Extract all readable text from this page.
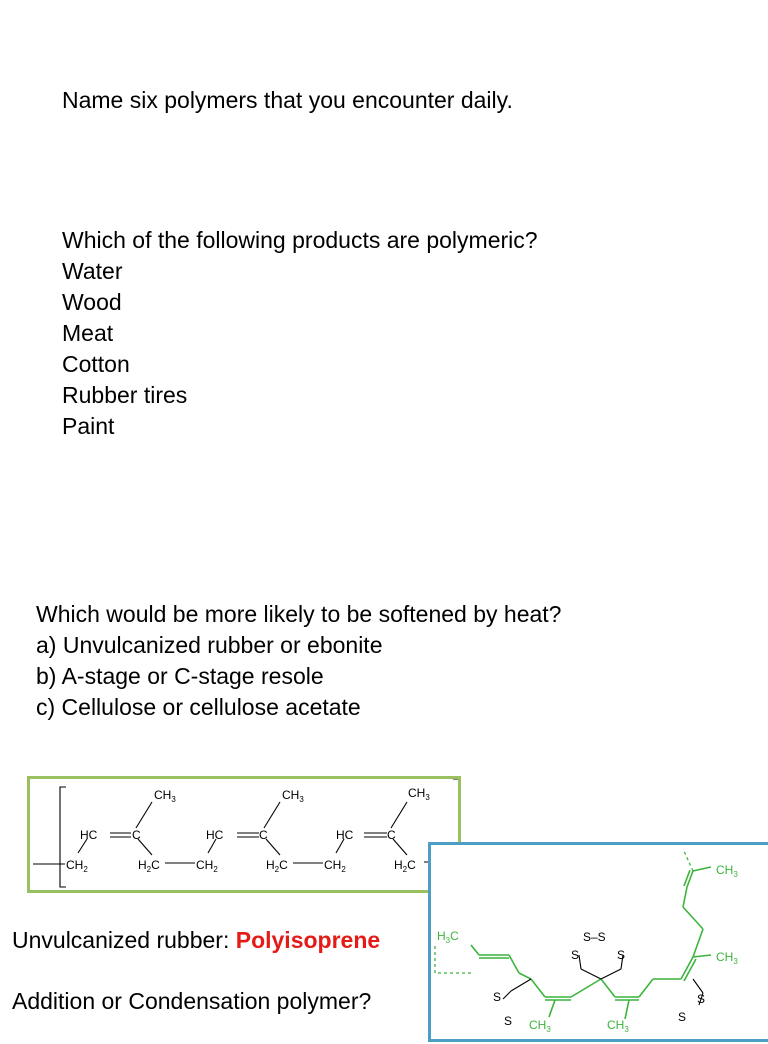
Name six polymers that you encounter daily.
Which of the following products are polymeric?
Water
Wood
Meat
Cotton
Rubber tires
Paint
Which would be more likely to be softened by heat?
a) Unvulcanized rubber or ebonite
b) A-stage or C-stage resole
c) Cellulose or cellulose acetate
$CH_3$	$CH_3$	$CH_3$
HC	C	HC	C	HC	C
$CH_2$	$H_2C$	$CH_2$	$H_2C$	$CH_2$	$H_2C$	$CH_3$
$CH_3$
$H_3C$	S–S
S	S
S
S
S
S
$CH_3$	$CH_3$
Unvulcanized rubber: Polyisoprene
Addition or Condensation polymer?
